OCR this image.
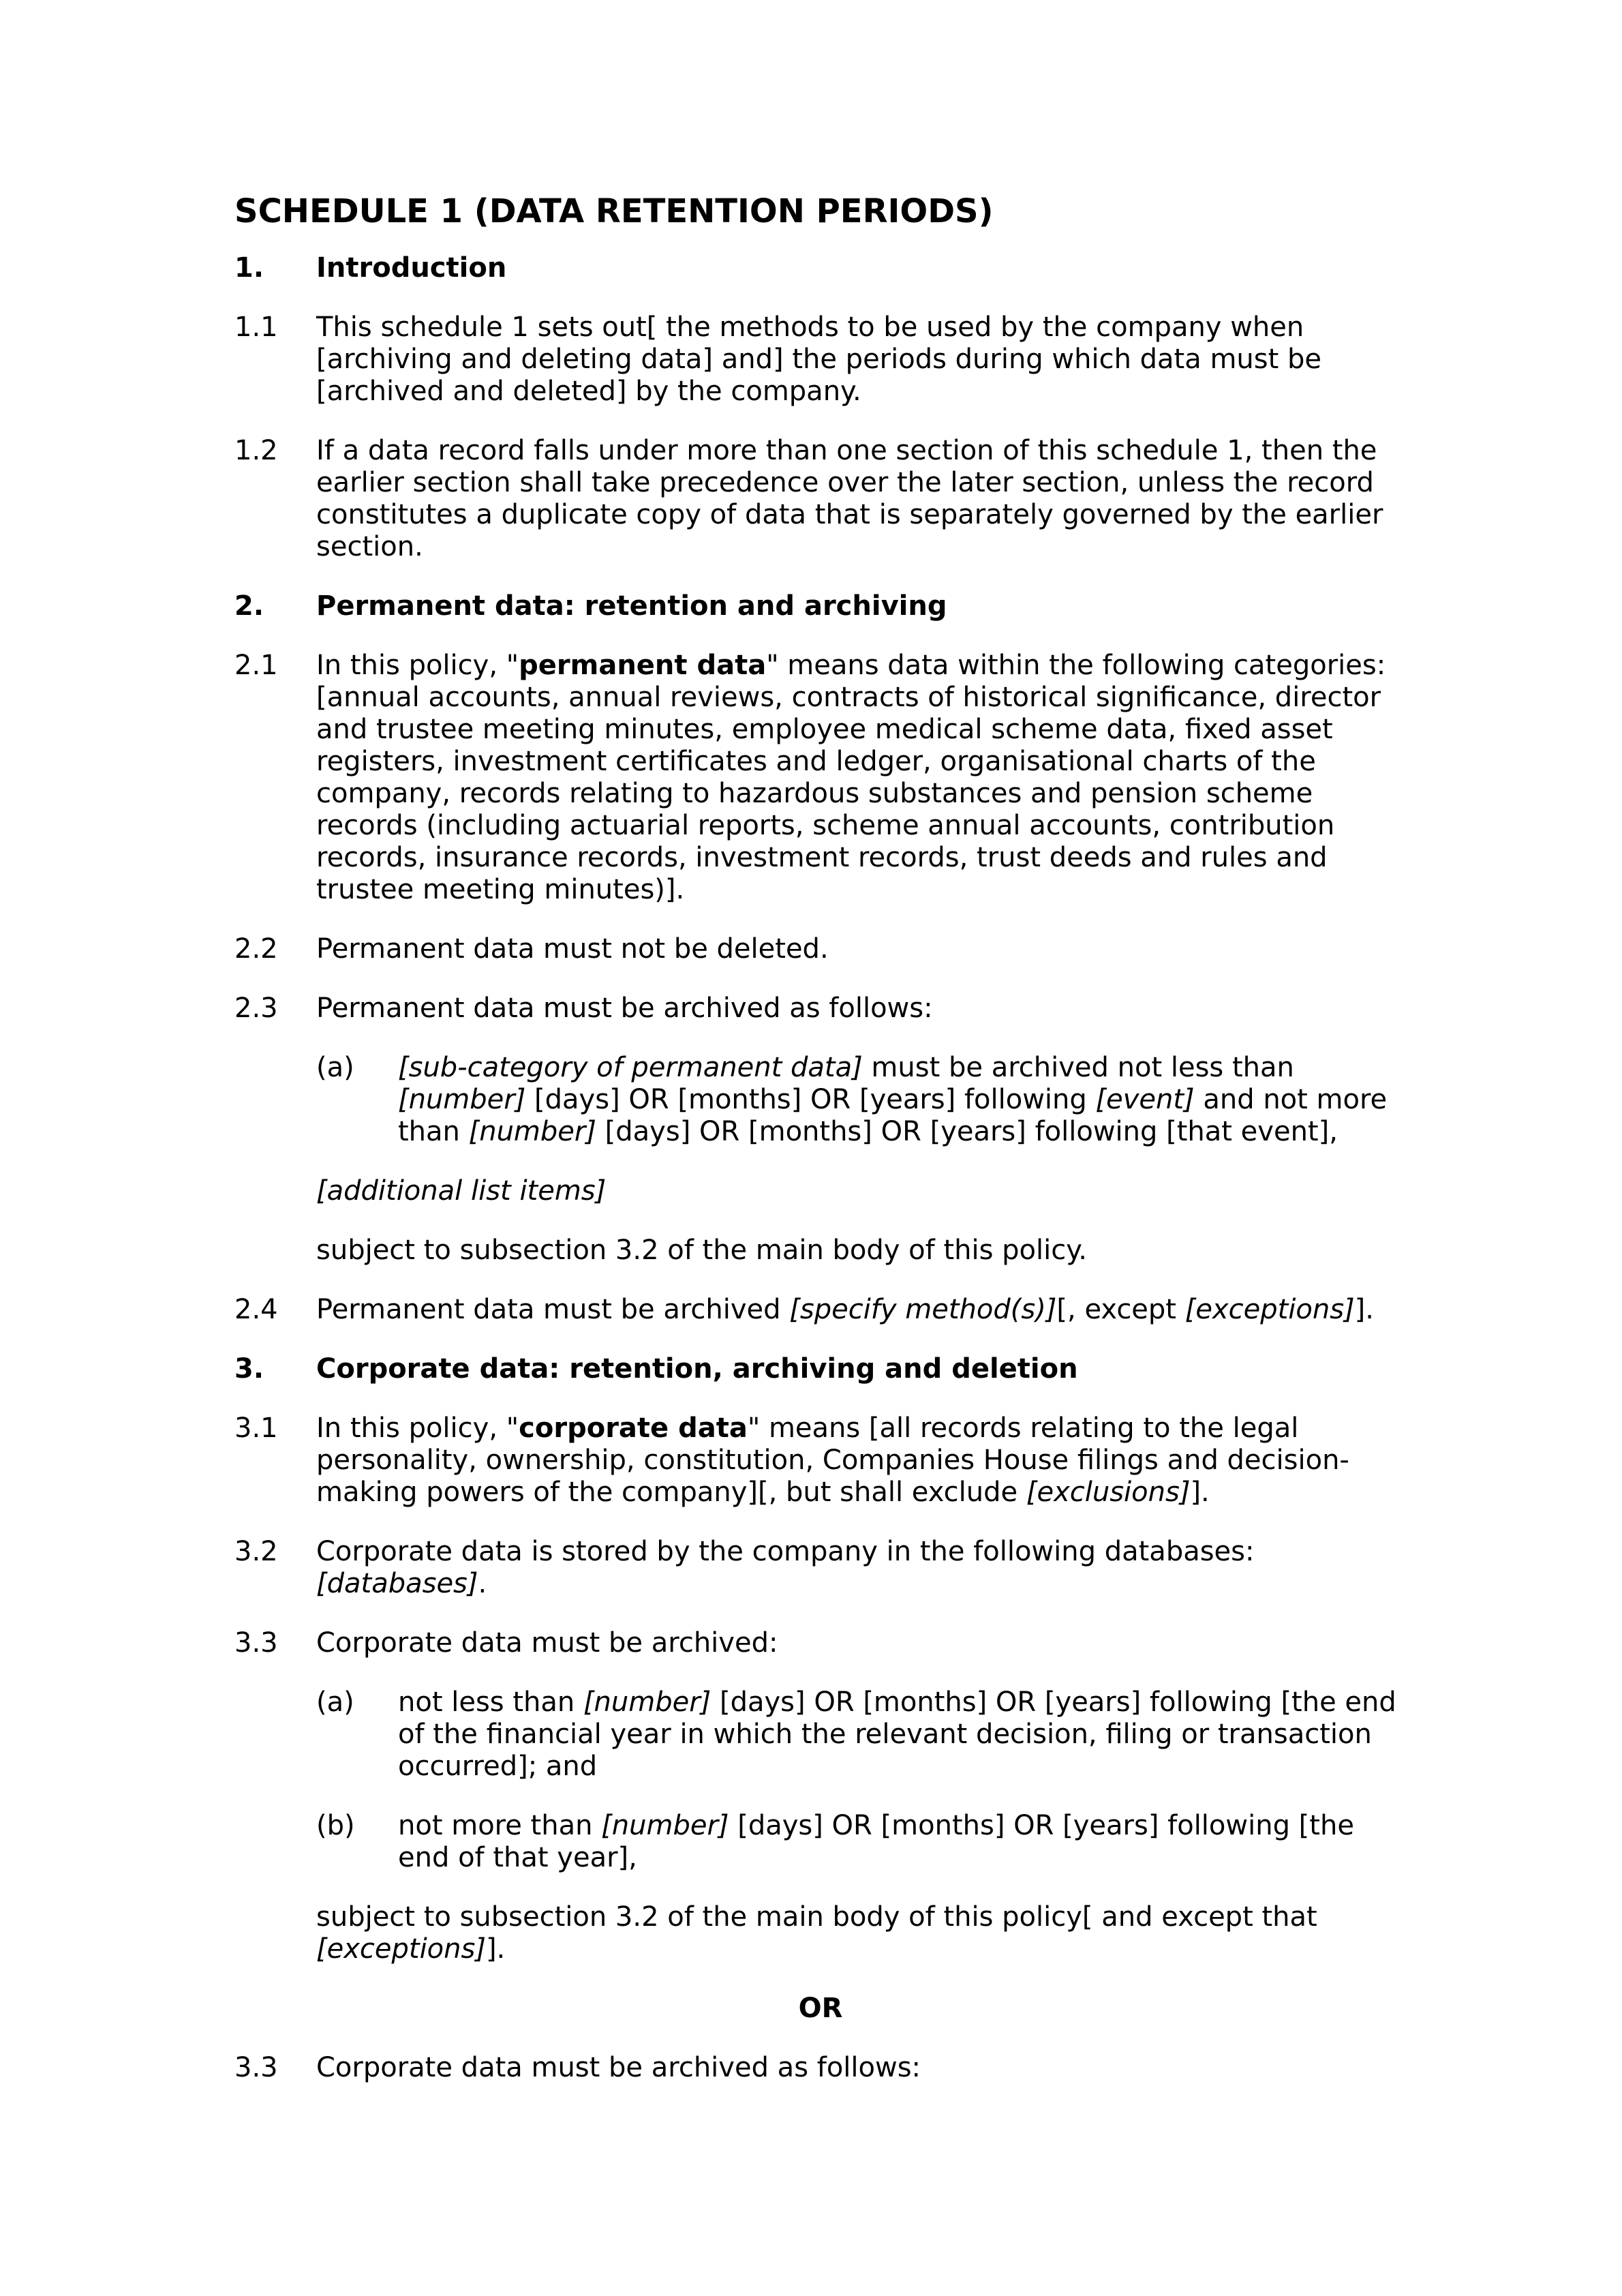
SCHEDULE 1 (DATA RETENTION PERIODS)
1.	Introduction
1.1	This schedule 1 sets out[ the methods to be used by the company when [archiving and deleting data] and] the periods during which data must be [archived and deleted] by the company.
1.2	If a data record falls under more than one section of this schedule 1, then the earlier section shall take precedence over the later section, unless the record constitutes a duplicate copy of data that is separately governed by the earlier section.
2.	Permanent data: retention and archiving
2.1	In this policy, "permanent data" means data within the following categories: [annual accounts, annual reviews, contracts of historical significance, director and trustee meeting minutes, employee medical scheme data, fixed asset registers, investment certificates and ledger, organisational charts of the company, records relating to hazardous substances and pension scheme records (including actuarial reports, scheme annual accounts, contribution records, insurance records, investment records, trust deeds and rules and trustee meeting minutes)].
2.2	Permanent data must not be deleted.
2.3	Permanent data must be archived as follows:
(a)	[sub-category of permanent data] must be archived not less than [number] [days] OR [months] OR [years] following [event] and not more than [number] [days] OR [months] OR [years] following [that event],
[additional list items]
subject to subsection 3.2 of the main body of this policy.
2.4	Permanent data must be archived [specify method(s)][, except [exceptions]].
3.	Corporate data: retention, archiving and deletion
3.1	In this policy, "corporate data" means [all records relating to the legal personality, ownership, constitution, Companies House filings and decision-making powers of the company][, but shall exclude [exclusions]].
3.2	Corporate data is stored by the company in the following databases: [databases].
3.3	Corporate data must be archived:
(a)	not less than [number] [days] OR [months] OR [years] following [the end of the financial year in which the relevant decision, filing or transaction occurred]; and
(b)	not more than [number] [days] OR [months] OR [years] following [the end of that year],
subject to subsection 3.2 of the main body of this policy[ and except that [exceptions]].
OR
3.3	Corporate data must be archived as follows:
